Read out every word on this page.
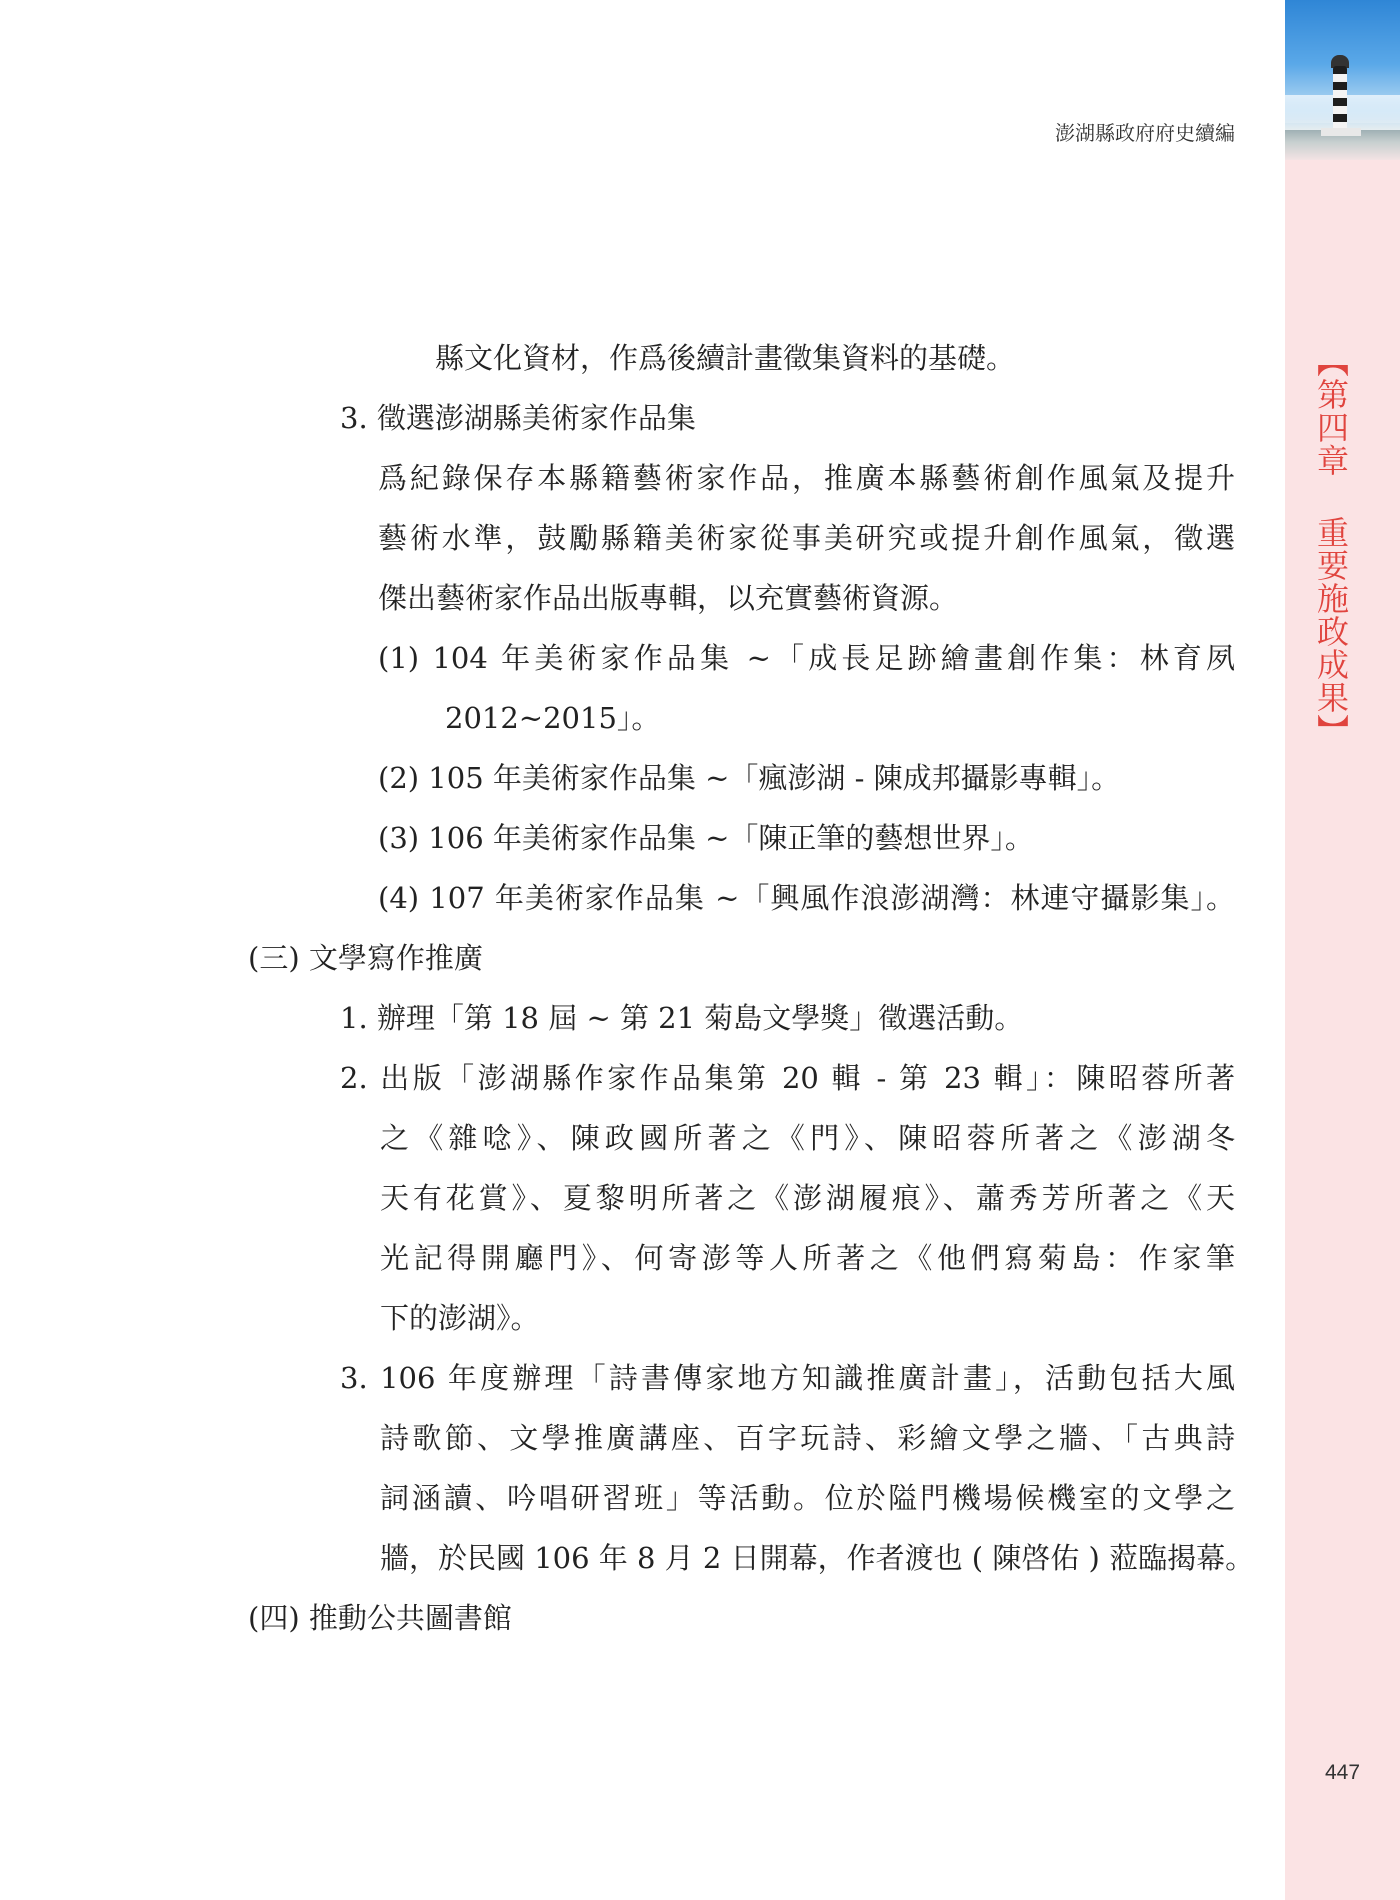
【第四章 重要施政成果】
447
澎湖縣政府府史續編

縣文化資材，作爲後續計畫徵集資料的基礎。

3. 徵選澎湖縣美術家作品集

爲紀錄保存本縣籍藝術家作品，推廣本縣藝術創作風氣及提升

藝術水準，鼓勵縣籍美術家從事美研究或提升創作風氣，徵選

傑出藝術家作品出版專輯，以充實藝術資源。

(1) 104 年美術家作品集 ~「成長足跡繪畫創作集：林育夙

2012~2015」。

(2) 105 年美術家作品集 ~「瘋澎湖 - 陳成邦攝影專輯」。

(3) 106 年美術家作品集 ~「陳正筆的藝想世界」。

(4) 107 年美術家作品集 ~「興風作浪澎湖灣：林連守攝影集」。

(三) 文學寫作推廣

1. 辦理「第 18 屆 ~ 第 21 菊島文學獎」徵選活動。

2. 出版「澎湖縣作家作品集第 20 輯 - 第 23 輯」：陳昭蓉所著

之《雜唸》、陳政國所著之《門》、陳昭蓉所著之《澎湖冬

天有花賞》、夏黎明所著之《澎湖履痕》、蕭秀芳所著之《天

光記得開廳門》、何寄澎等人所著之《他們寫菊島：作家筆

下的澎湖》。

3. 106 年度辦理「詩書傳家地方知識推廣計畫」，活動包括大風

詩歌節、文學推廣講座、百字玩詩、彩繪文學之牆、「古典詩

詞涵讀、吟唱研習班」等活動。位於隘門機場候機室的文學之

牆，於民國 106 年 8 月 2 日開幕，作者渡也 ( 陳啓佑 ) 蒞臨揭幕。

(四) 推動公共圖書館
